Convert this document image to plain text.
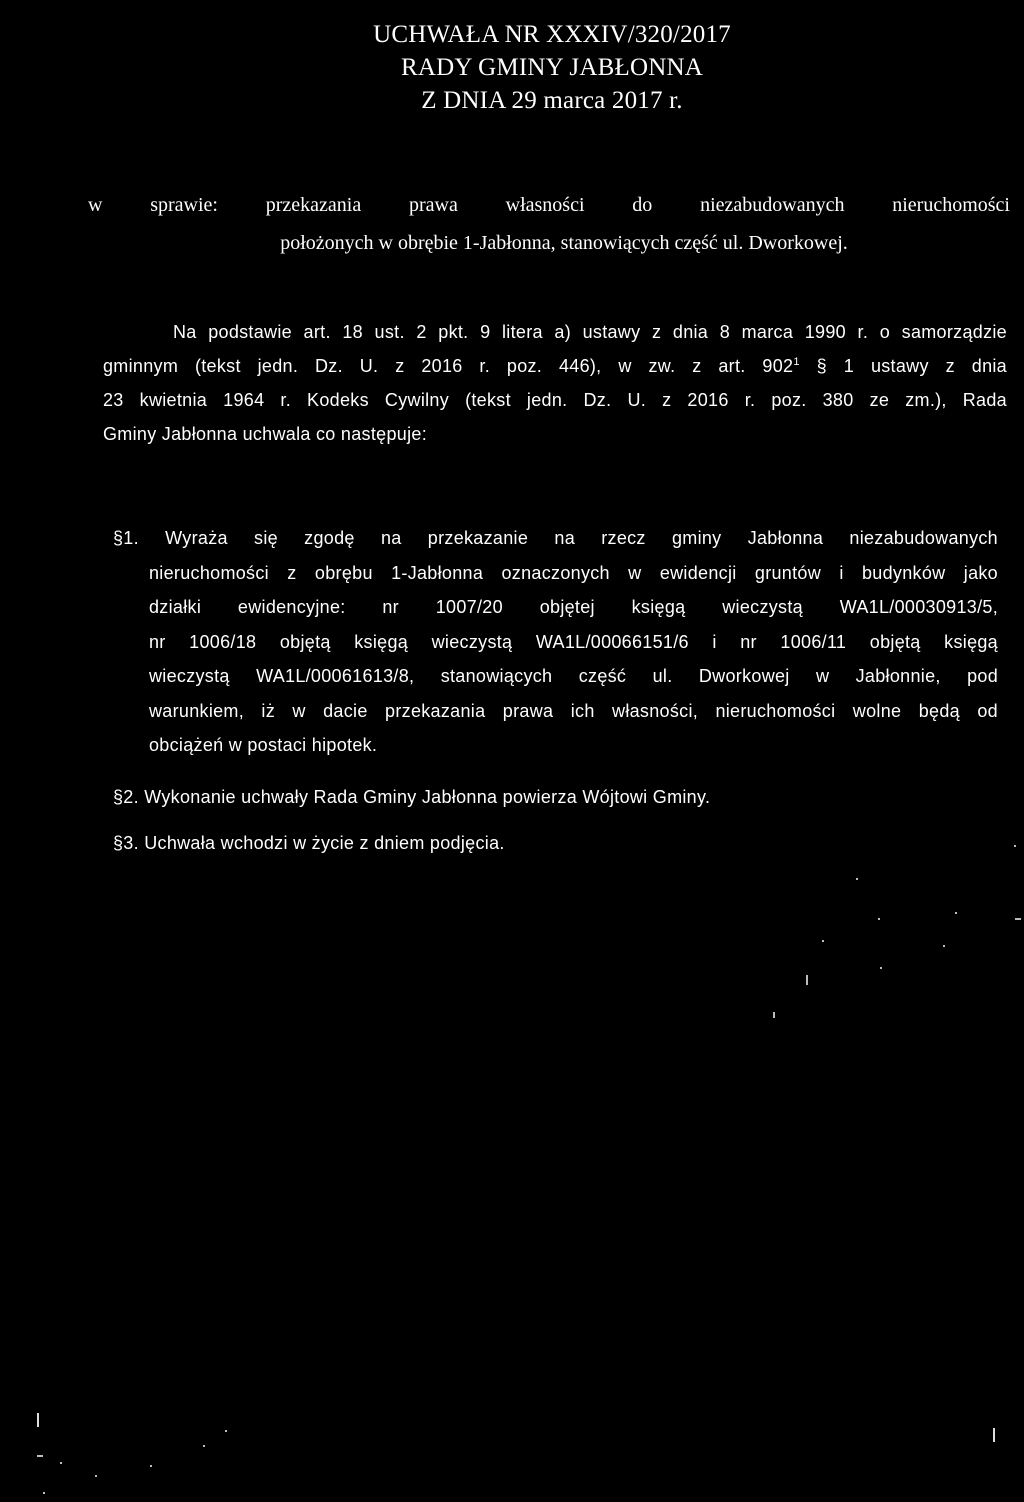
UCHWAŁA NR XXXIV/320/2017
RADY GMINY JABŁONNA
Z DNIA 29 marca 2017 r.
w sprawie: przekazania prawa własności do niezabudowanych nieruchomości
położonych w obrębie 1-Jabłonna, stanowiących część ul. Dworkowej.
Na podstawie art. 18 ust. 2 pkt. 9 litera a) ustawy z dnia 8 marca 1990 r. o samorządzie
gminnym (tekst jedn. Dz. U. z 2016 r. poz. 446), w zw. z art. $902^1$ § 1 ustawy z dnia
23 kwietnia 1964 r. Kodeks Cywilny (tekst jedn. Dz. U. z 2016 r. poz. 380 ze zm.), Rada
Gminy Jabłonna uchwala co następuje:
§1. Wyraża się zgodę na przekazanie na rzecz gminy Jabłonna niezabudowanych
nieruchomości z obrębu 1-Jabłonna oznaczonych w ewidencji gruntów i budynków jako
działki ewidencyjne: nr 1007/20 objętej księgą wieczystą WA1L/00030913/5,
nr 1006/18 objętą księgą wieczystą WA1L/00066151/6 i nr 1006/11 objętą księgą
wieczystą WA1L/00061613/8, stanowiących część ul. Dworkowej w Jabłonnie, pod
warunkiem, iż w dacie przekazania prawa ich własności, nieruchomości wolne będą od
obciążeń w postaci hipotek.
§2. Wykonanie uchwały Rada Gminy Jabłonna powierza Wójtowi Gminy.
§3. Uchwała wchodzi w życie z dniem podjęcia.
